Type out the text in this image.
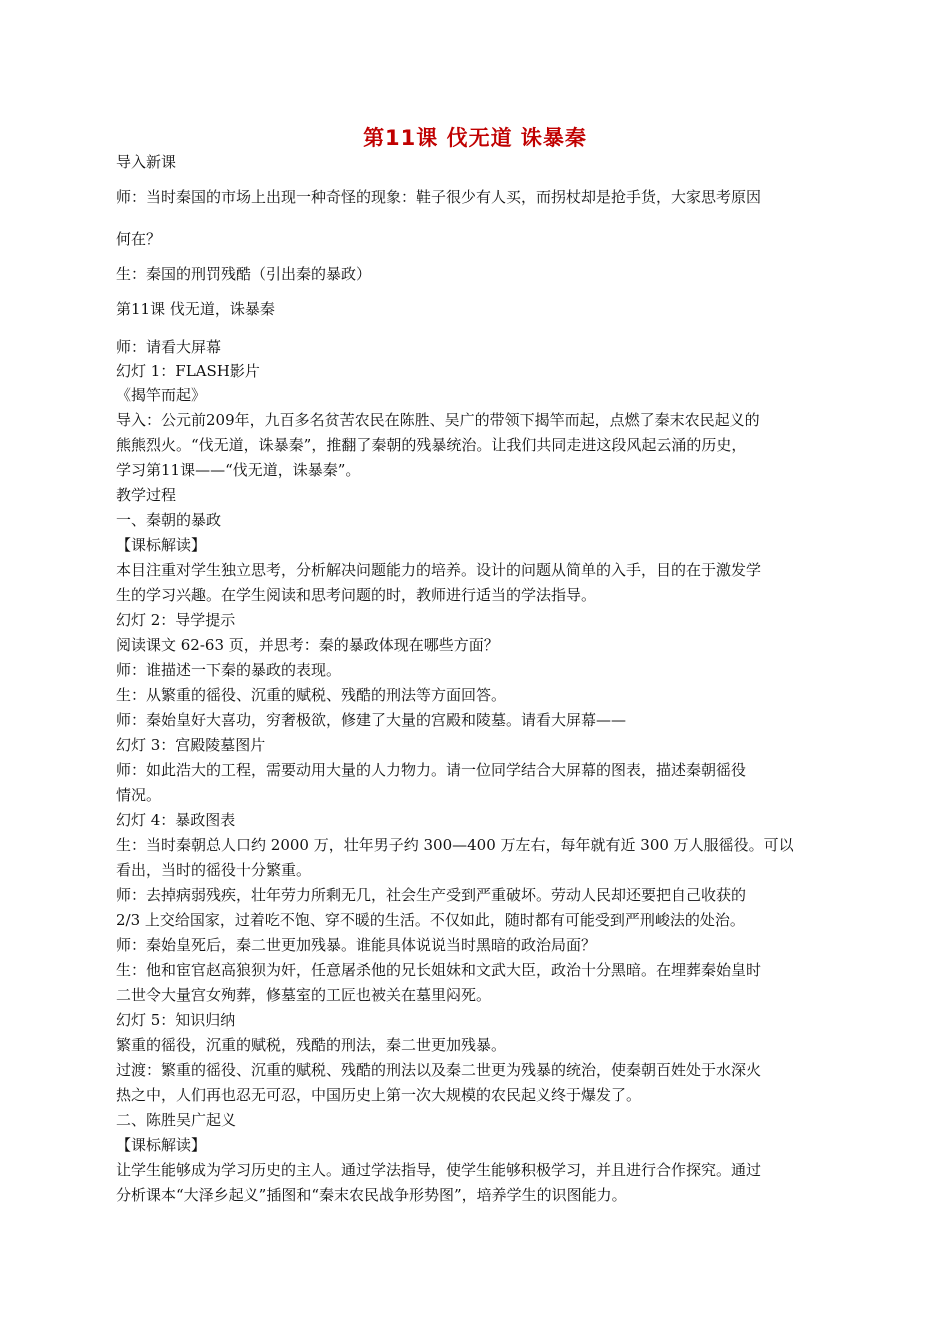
第11课 伐无道 诛暴秦
导入新课
师：当时秦国的市场上出现一种奇怪的现象：鞋子很少有人买，而拐杖却是抢手货，大家思考原因
何在？
生：秦国的刑罚残酷（引出秦的暴政）
第11课 伐无道，诛暴秦
师：请看大屏幕
幻灯 1：FLASH影片
《揭竿而起》
导入：公元前209年，九百多名贫苦农民在陈胜、吴广的带领下揭竿而起，点燃了秦末农民起义的
熊熊烈火。“伐无道，诛暴秦”，推翻了秦朝的残暴统治。让我们共同走进这段风起云涌的历史，
学习第11课——“伐无道，诛暴秦”。
教学过程
一、秦朝的暴政
【课标解读】
本目注重对学生独立思考，分析解决问题能力的培养。设计的问题从简单的入手，目的在于激发学
生的学习兴趣。在学生阅读和思考问题的时，教师进行适当的学法指导。
幻灯 2：导学提示
阅读课文 62-63 页，并思考：秦的暴政体现在哪些方面？
师：谁描述一下秦的暴政的表现。
生：从繁重的徭役、沉重的赋税、残酷的刑法等方面回答。
师：秦始皇好大喜功，穷奢极欲，修建了大量的宫殿和陵墓。请看大屏幕——
幻灯 3：宫殿陵墓图片
师：如此浩大的工程，需要动用大量的人力物力。请一位同学结合大屏幕的图表，描述秦朝徭役
情况。
幻灯 4：暴政图表
生：当时秦朝总人口约 2000 万，壮年男子约 300—400 万左右，每年就有近 300 万人服徭役。可以
看出，当时的徭役十分繁重。
师：去掉病弱残疾，壮年劳力所剩无几，社会生产受到严重破坏。劳动人民却还要把自己收获的
2/3 上交给国家，过着吃不饱、穿不暖的生活。不仅如此，随时都有可能受到严刑峻法的处治。
师：秦始皇死后，秦二世更加残暴。谁能具体说说当时黑暗的政治局面？
生：他和宦官赵高狼狈为奸，任意屠杀他的兄长姐妹和文武大臣，政治十分黑暗。在埋葬秦始皇时
二世令大量宫女殉葬，修墓室的工匠也被关在墓里闷死。
幻灯 5：知识归纳
繁重的徭役，沉重的赋税，残酷的刑法，秦二世更加残暴。
过渡：繁重的徭役、沉重的赋税、残酷的刑法以及秦二世更为残暴的统治，使秦朝百姓处于水深火
热之中，人们再也忍无可忍，中国历史上第一次大规模的农民起义终于爆发了。
二、陈胜吴广起义
【课标解读】
让学生能够成为学习历史的主人。通过学法指导，使学生能够积极学习，并且进行合作探究。通过
分析课本“大泽乡起义”插图和“秦末农民战争形势图”，培养学生的识图能力。
